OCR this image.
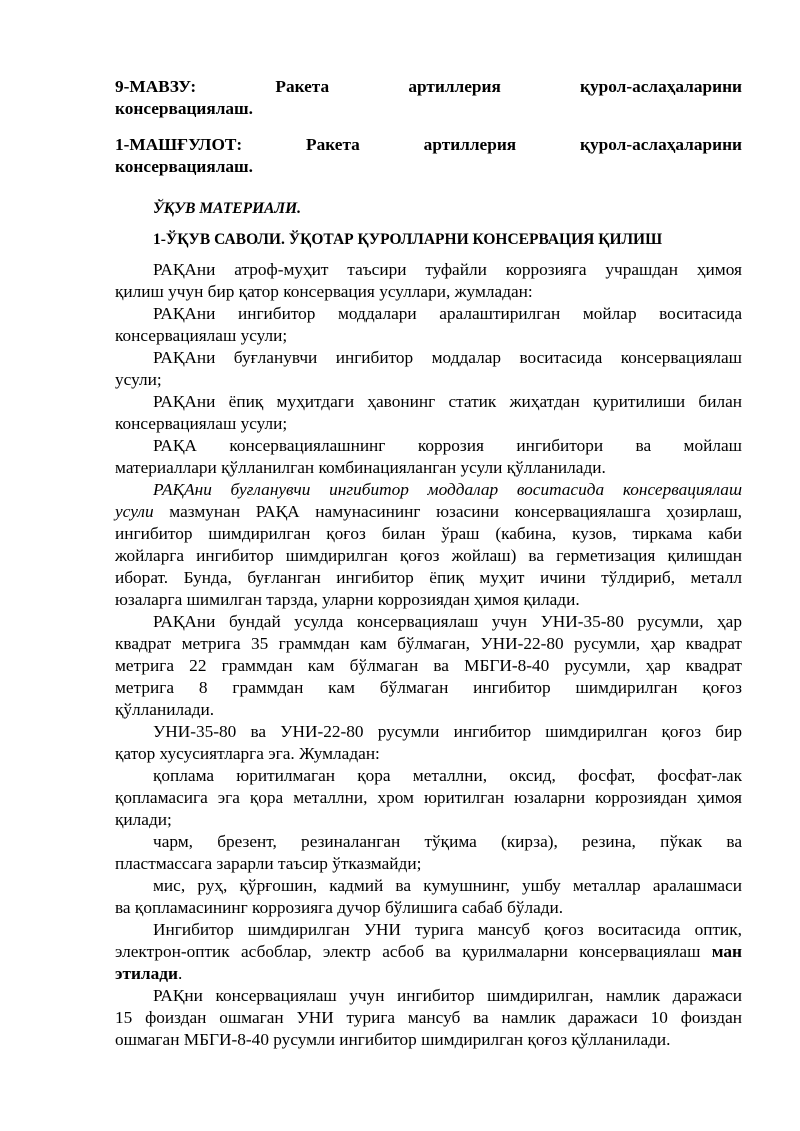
9-МАВЗУ: Ракета артиллерия қурол-аслаҳаларини

консервациялаш.

1-МАШҒУЛОТ: Ракета артиллерия қурол-аслаҳаларини

консервациялаш.

ЎҚУВ МАТЕРИАЛИ.

1-ЎҚУВ САВОЛИ. ЎҚОТАР ҚУРОЛЛАРНИ КОНСЕРВАЦИЯ ҚИЛИШ

РАҚАни атроф-муҳит таъсири туфайли коррозияга учрашдан ҳимоя

қилиш учун бир қатор консервация усуллари, жумладан:

РАҚАни ингибитор моддалари аралаштирилган мойлар воситасида

консервациялаш усули;

РАҚАни буғланувчи ингибитор моддалар воситасида консервациялаш

усули;

РАҚАни ёпиқ муҳитдаги ҳавонинг статик жиҳатдан қуритилиши билан

консервациялаш усули;

РАҚА консервациялашнинг коррозия ингибитори ва мойлаш

материаллари қўлланилган комбинацияланган усули қўлланилади.

РАҚАни буғланувчи ингибитор моддалар воситасида консервациялаш

усули мазмунан РАҚА намунасининг юзасини консервациялашга ҳозирлаш,

ингибитор шимдирилган қоғоз билан ўраш (кабина, кузов, тиркама каби

жойларга ингибитор шимдирилган қоғоз жойлаш) ва герметизация қилишдан

иборат. Бунда, буғланган ингибитор ёпиқ муҳит ичини тўлдириб, металл

юзаларга шимилган тарзда, уларни коррозиядан ҳимоя қилади.

РАҚАни бундай усулда консервациялаш учун УНИ-35-80 русумли, ҳар

квадрат метрига 35 граммдан кам бўлмаган, УНИ-22-80 русумли, ҳар квадрат

метрига 22 граммдан кам бўлмаган ва МБГИ-8-40 русумли, ҳар квадрат

метрига 8 граммдан кам бўлмаган ингибитор шимдирилган қоғоз

қўлланилади.

УНИ-35-80 ва УНИ-22-80 русумли ингибитор шимдирилган қоғоз бир

қатор хусусиятларга эга. Жумладан:

қоплама юритилмаган қора металлни, оксид, фосфат, фосфат-лак

қопламасига эга қора металлни, хром юритилган юзаларни коррозиядан ҳимоя

қилади;

чарм, брезент, резиналанган тўқима (кирза), резина, пўкак ва

пластмассага зарарли таъсир ўтказмайди;

мис, руҳ, қўрғошин, кадмий ва кумушнинг, ушбу металлар аралашмаси

ва қопламасининг коррозияга дучор бўлишига сабаб бўлади.

Ингибитор шимдирилган УНИ турига мансуб қоғоз воситасида оптик,

электрон-оптик асбоблар, электр асбоб ва қурилмаларни консервациялаш ман

этилади.

РАҚни консервациялаш учун ингибитор шимдирилган, намлик даражаси

15 фоиздан ошмаган УНИ турига мансуб ва намлик даражаси 10 фоиздан

ошмаган МБГИ-8-40 русумли ингибитор шимдирилган қоғоз қўлланилади.
